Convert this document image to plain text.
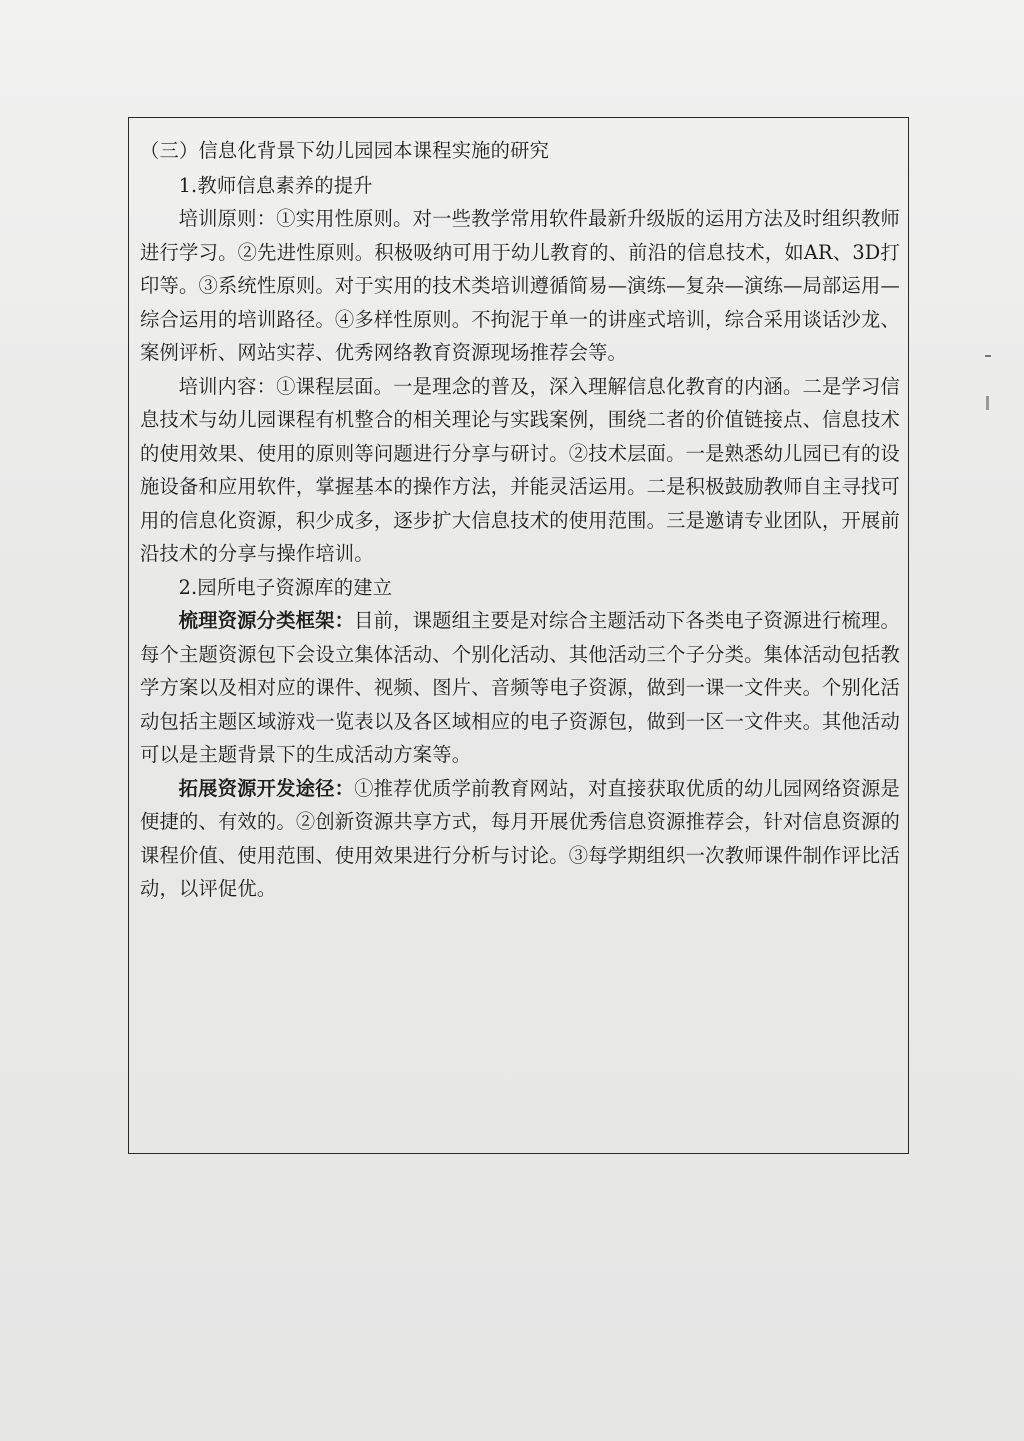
（三）信息化背景下幼儿园园本课程实施的研究

1.教师信息素养的提升

培训原则：①实用性原则。对一些教学常用软件最新升级版的运用方法及时组织教师进行学习。②先进性原则。积极吸纳可用于幼儿教育的、前沿的信息技术，如AR、3D打印等。③系统性原则。对于实用的技术类培训遵循简易—演练—复杂—演练—局部运用—综合运用的培训路径。④多样性原则。不拘泥于单一的讲座式培训，综合采用谈话沙龙、案例评析、网站实荐、优秀网络教育资源现场推荐会等。

培训内容：①课程层面。一是理念的普及，深入理解信息化教育的内涵。二是学习信息技术与幼儿园课程有机整合的相关理论与实践案例，围绕二者的价值链接点、信息技术的使用效果、使用的原则等问题进行分享与研讨。②技术层面。一是熟悉幼儿园已有的设施设备和应用软件，掌握基本的操作方法，并能灵活运用。二是积极鼓励教师自主寻找可用的信息化资源，积少成多，逐步扩大信息技术的使用范围。三是邀请专业团队，开展前沿技术的分享与操作培训。

2.园所电子资源库的建立

梳理资源分类框架：目前，课题组主要是对综合主题活动下各类电子资源进行梳理。每个主题资源包下会设立集体活动、个别化活动、其他活动三个子分类。集体活动包括教学方案以及相对应的课件、视频、图片、音频等电子资源，做到一课一文件夹。个别化活动包括主题区域游戏一览表以及各区域相应的电子资源包，做到一区一文件夹。其他活动可以是主题背景下的生成活动方案等。

拓展资源开发途径：①推荐优质学前教育网站，对直接获取优质的幼儿园网络资源是便捷的、有效的。②创新资源共享方式，每月开展优秀信息资源推荐会，针对信息资源的课程价值、使用范围、使用效果进行分析与讨论。③每学期组织一次教师课件制作评比活动，以评促优。
